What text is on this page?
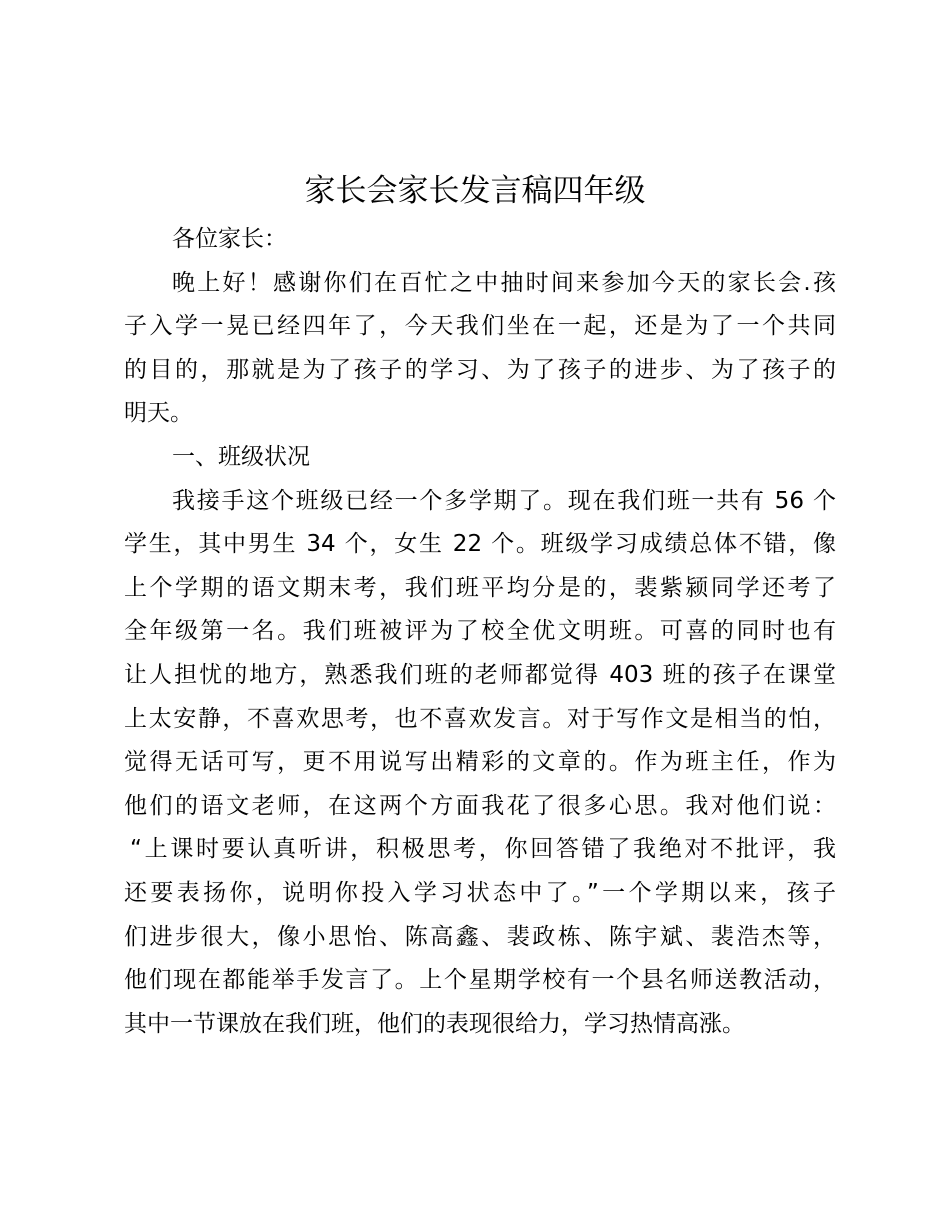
家长会家长发言稿四年级
各位家长：
晚上好！感谢你们在百忙之中抽时间来参加今天的家长会.孩
子入学一晃已经四年了，今天我们坐在一起，还是为了一个共同
的目的，那就是为了孩子的学习、为了孩子的进步、为了孩子的
明天。
一、班级状况
我接手这个班级已经一个多学期了。现在我们班一共有 56 个
学生，其中男生 34 个，女生 22 个。班级学习成绩总体不错，像
上个学期的语文期末考，我们班平均分是的，裴紫颍同学还考了
全年级第一名。我们班被评为了校全优文明班。可喜的同时也有
让人担忧的地方，熟悉我们班的老师都觉得 403 班的孩子在课堂
上太安静，不喜欢思考，也不喜欢发言。对于写作文是相当的怕，
觉得无话可写，更不用说写出精彩的文章的。作为班主任，作为
他们的语文老师，在这两个方面我花了很多心思。我对他们说：
“上课时要认真听讲，积极思考，你回答错了我绝对不批评，我
还要表扬你，说明你投入学习状态中了。”一个学期以来，孩子
们进步很大，像小思怡、陈高鑫、裴政栋、陈宇斌、裴浩杰等，
他们现在都能举手发言了。上个星期学校有一个县名师送教活动，
其中一节课放在我们班，他们的表现很给力，学习热情高涨。
